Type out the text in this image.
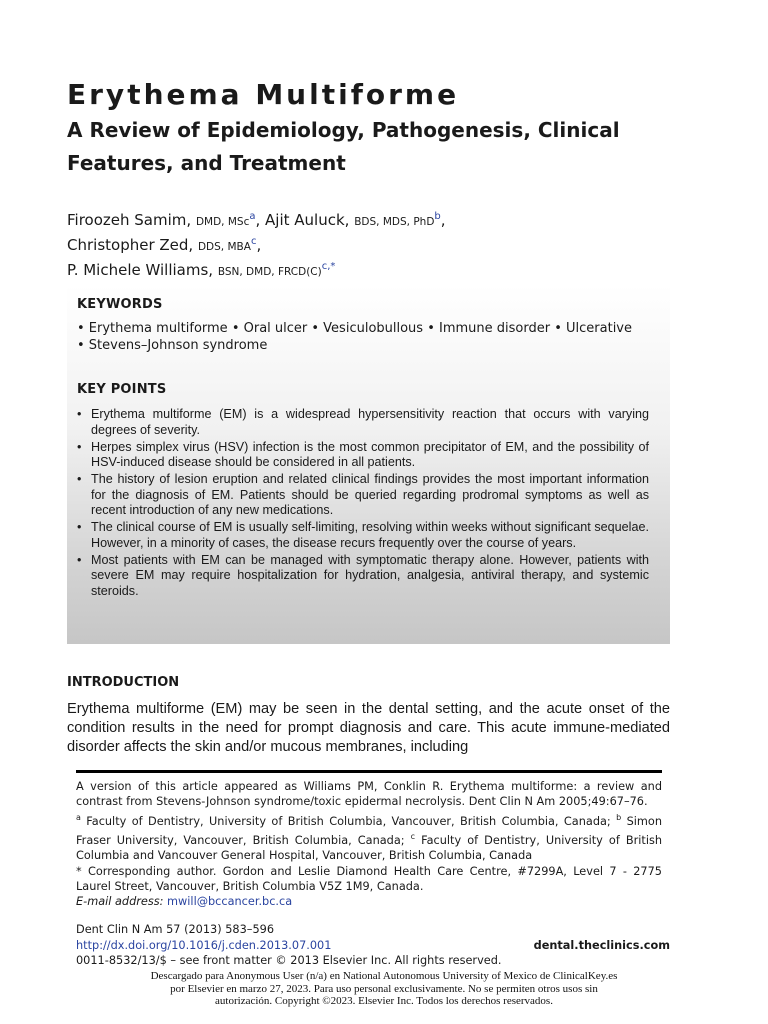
Erythema Multiforme
A Review of Epidemiology, Pathogenesis, Clinical Features, and Treatment
Firoozeh Samim, DMD, MSc$^a$, Ajit Auluck, BDS, MDS, PhD$^b$,
Christopher Zed, DDS, MBA$^c$,
P. Michele Williams, BSN, DMD, $FRCD(C)^{c,*}$
KEYWORDS
• Erythema multiforme • Oral ulcer • Vesiculobullous • Immune disorder • Ulcerative
• Stevens–Johnson syndrome
KEY POINTS
• Erythema multiforme (EM) is a widespread hypersensitivity reaction that occurs with varying degrees of severity.
• Herpes simplex virus (HSV) infection is the most common precipitator of EM, and the possibility of HSV-induced disease should be considered in all patients.
• The history of lesion eruption and related clinical findings provides the most important information for the diagnosis of EM. Patients should be queried regarding prodromal symptoms as well as recent introduction of any new medications.
• The clinical course of EM is usually self-limiting, resolving within weeks without significant sequelae. However, in a minority of cases, the disease recurs frequently over the course of years.
• Most patients with EM can be managed with symptomatic therapy alone. However, patients with severe EM may require hospitalization for hydration, analgesia, antiviral therapy, and systemic steroids.
INTRODUCTION

Erythema multiforme (EM) may be seen in the dental setting, and the acute onset of the condition results in the need for prompt diagnosis and care. This acute immune-mediated disorder affects the skin and/or mucous membranes, including

A version of this article appeared as Williams PM, Conklin R. Erythema multiforme: a review and contrast from Stevens-Johnson syndrome/toxic epidermal necrolysis. Dent Clin N Am 2005;49:67–76.

$^a$ Faculty of Dentistry, University of British Columbia, Vancouver, British Columbia, Canada; $^b$ Simon Fraser University, Vancouver, British Columbia, Canada; $^c$ Faculty of Dentistry, University of British Columbia and Vancouver General Hospital, Vancouver, British Columbia, Canada

* Corresponding author. Gordon and Leslie Diamond Health Care Centre, #7299A, Level 7 - 2775 Laurel Street, Vancouver, British Columbia V5Z 1M9, Canada.

E-mail address: mwill@bccancer.bc.ca

Dent Clin N Am 57 (2013) 583–596
http://dx.doi.org/10.1016/j.cden.2013.07.001
0011-8532/13/$ – see front matter © 2013 Elsevier Inc. All rights reserved.
dental.theclinics.com
Descargado para Anonymous User (n/a) en National Autonomous University of Mexico de ClinicalKey.es por Elsevier en marzo 27, 2023. Para uso personal exclusivamente. No se permiten otros usos sin autorización. Copyright ©2023. Elsevier Inc. Todos los derechos reservados.
